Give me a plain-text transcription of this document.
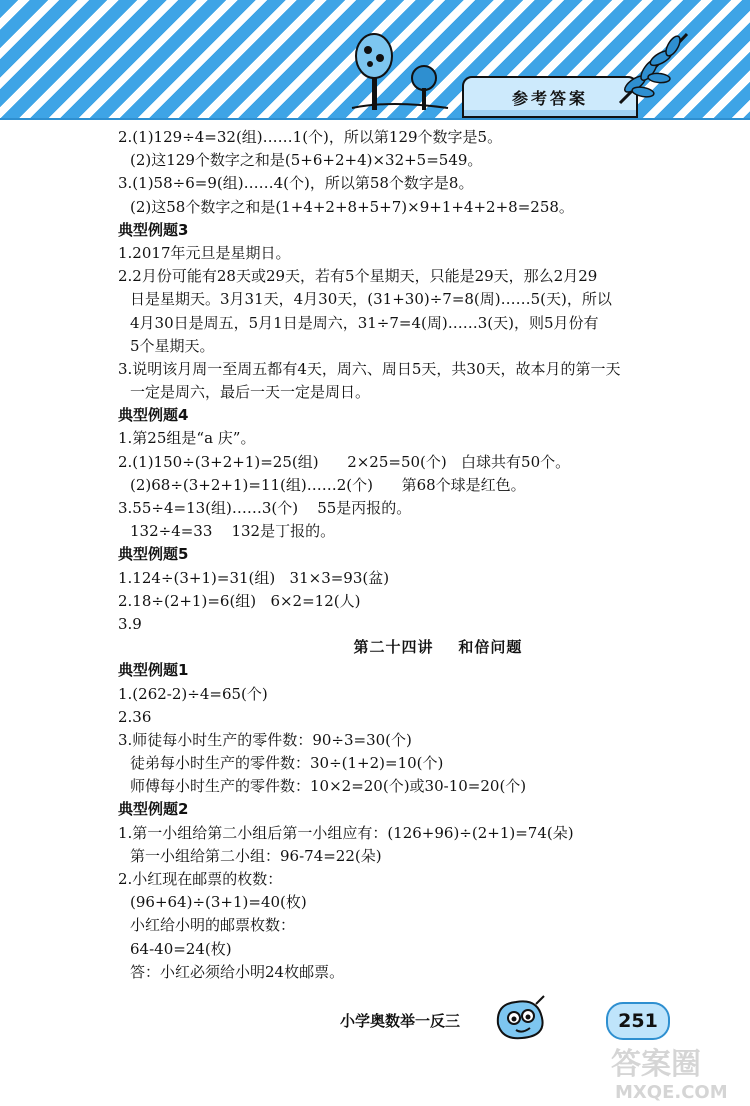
参考答案
2.(1)129÷4=32(组)……1(个)，所以第129个数字是5。
(2)这129个数字之和是(5+6+2+4)×32+5=549。
3.(1)58÷6=9(组)……4(个)，所以第58个数字是8。
(2)这58个数字之和是(1+4+2+8+5+7)×9+1+4+2+8=258。
典型例题3
1.2017年元旦是星期日。
2.2月份可能有28天或29天，若有5个星期天，只能是29天，那么2月29
日是星期天。3月31天，4月30天，(31+30)÷7=8(周)……5(天)，所以
4月30日是周五，5月1日是周六，31÷7=4(周)……3(天)，则5月份有
5个星期天。
3.说明该月周一至周五都有4天，周六、周日5天，共30天，故本月的第一天
一定是周六，最后一天一定是周日。
典型例题4
1.第25组是“a 庆”。
2.(1)150÷(3+2+1)=25(组)      2×25=50(个)   白球共有50个。
(2)68÷(3+2+1)=11(组)……2(个)      第68个球是红色。
3.55÷4=13(组)……3(个)    55是丙报的。
132÷4=33    132是丁报的。
典型例题5
1.124÷(3+1)=31(组)   31×3=93(盆)
2.18÷(2+1)=6(组)   6×2=12(人)
3.9
第二十四讲    和倍问题
典型例题1
1.(262-2)÷4=65(个)
2.36
3.师徒每小时生产的零件数：90÷3=30(个)
徒弟每小时生产的零件数：30÷(1+2)=10(个)
师傅每小时生产的零件数：10×2=20(个)或30-10=20(个)
典型例题2
1.第一小组给第二小组后第一小组应有：(126+96)÷(2+1)=74(朵)
第一小组给第二小组：96-74=22(朵)
2.小红现在邮票的枚数：
(96+64)÷(3+1)=40(枚)
小红给小明的邮票枚数：
64-40=24(枚)
答：小红必须给小明24枚邮票。
小学奥数举一反三	251
答案圈
MXQE.COM
